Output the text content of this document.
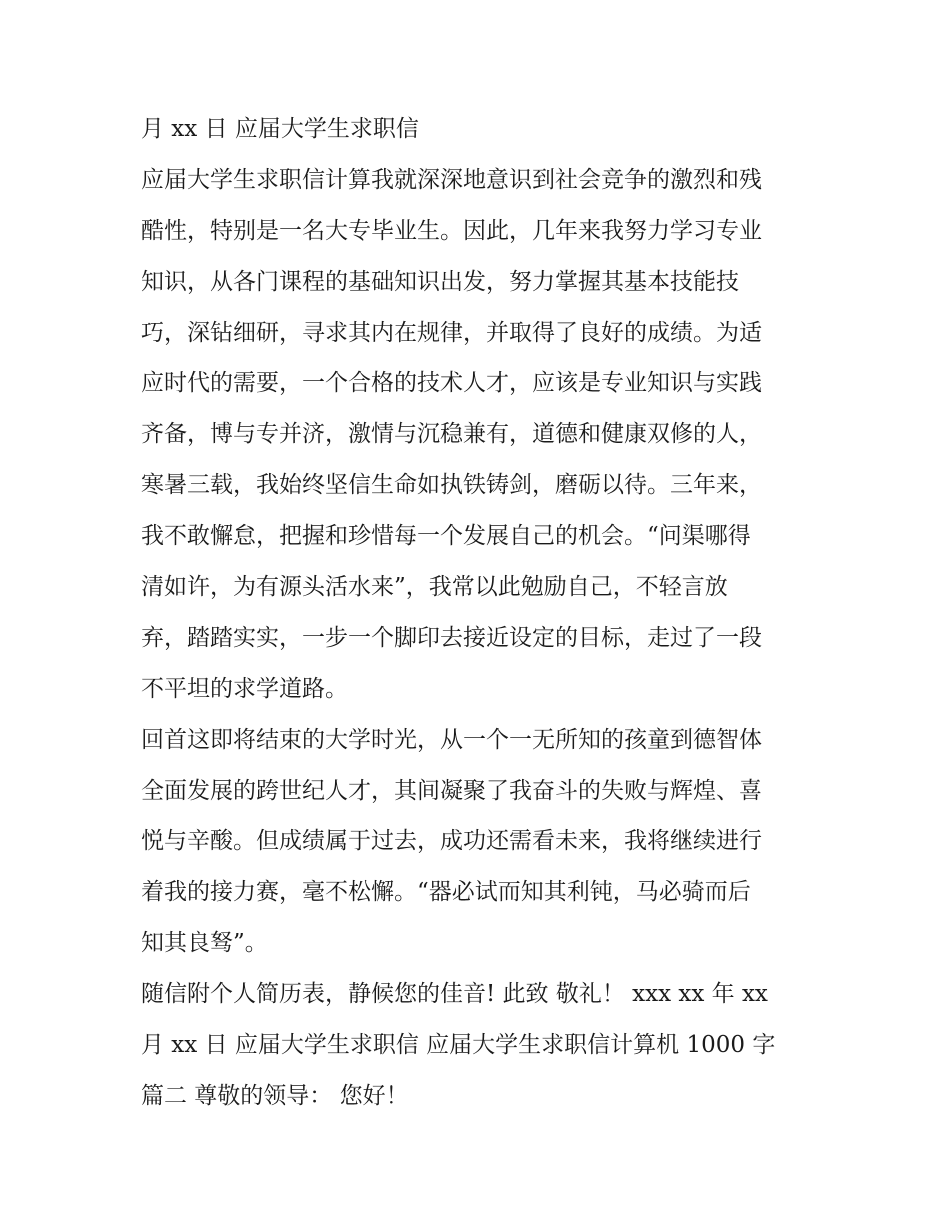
月 xx 日 应届大学生求职信
应届大学生求职信计算我就深深地意识到社会竞争的激烈和残
酷性，特别是一名大专毕业生。因此，几年来我努力学习专业
知识，从各门课程的基础知识出发，努力掌握其基本技能技
巧，深钻细研，寻求其内在规律，并取得了良好的成绩。为适
应时代的需要，一个合格的技术人才，应该是专业知识与实践
齐备，博与专并济，激情与沉稳兼有，道德和健康双修的人，
寒暑三载，我始终坚信生命如执铁铸剑，磨砺以待。三年来，
我不敢懈怠，把握和珍惜每一个发展自己的机会。“问渠哪得
清如许，为有源头活水来”，我常以此勉励自己，不轻言放
弃，踏踏实实，一步一个脚印去接近设定的目标，走过了一段
不平坦的求学道路。
回首这即将结束的大学时光，从一个一无所知的孩童到德智体
全面发展的跨世纪人才，其间凝聚了我奋斗的失败与辉煌、喜
悦与辛酸。但成绩属于过去，成功还需看未来，我将继续进行
着我的接力赛，毫不松懈。“器必试而知其利钝，马必骑而后
知其良驽”。
随信附个人简历表，静候您的佳音! 此致 敬礼！ xxx xx 年 xx
月 xx 日 应届大学生求职信 应届大学生求职信计算机 1000 字
篇二 尊敬的领导： 您好！
